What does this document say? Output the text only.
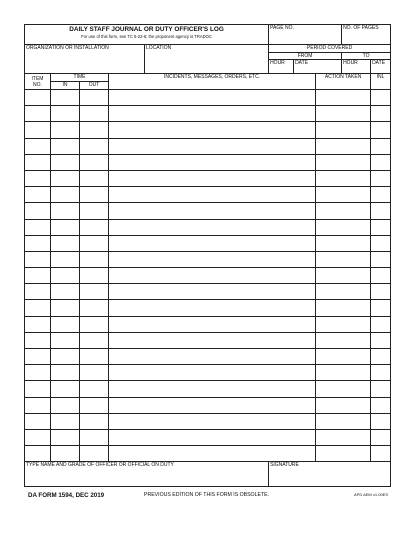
DAILY STAFF JOURNAL OR DUTY OFFICER'S LOG
For use of this form, see TC 5-22-6; the proponent agency is TRADOC					PAGE NO.			NO. OF PAGES	
ORGANIZATION OR INSTALLATION				LOCATION	PERIOD COVERED				
					FROM			TO	
					HOUR	DATE		HOUR	DATE

ITEM
NO.	TIME		INCIDENTS, MESSAGES, ORDERS, ETC.				ACTION TAKEN		INL
	IN	OUT							

TYPE NAME AND GRADE OF OFFICER OR OFFICIAL ON DUTY					SIGNATURE				
DA FORM 1594, DEC 2019	PREVIOUS EDITION OF THIS FORM IS OBSOLETE.	APD AEM v1.00ES
